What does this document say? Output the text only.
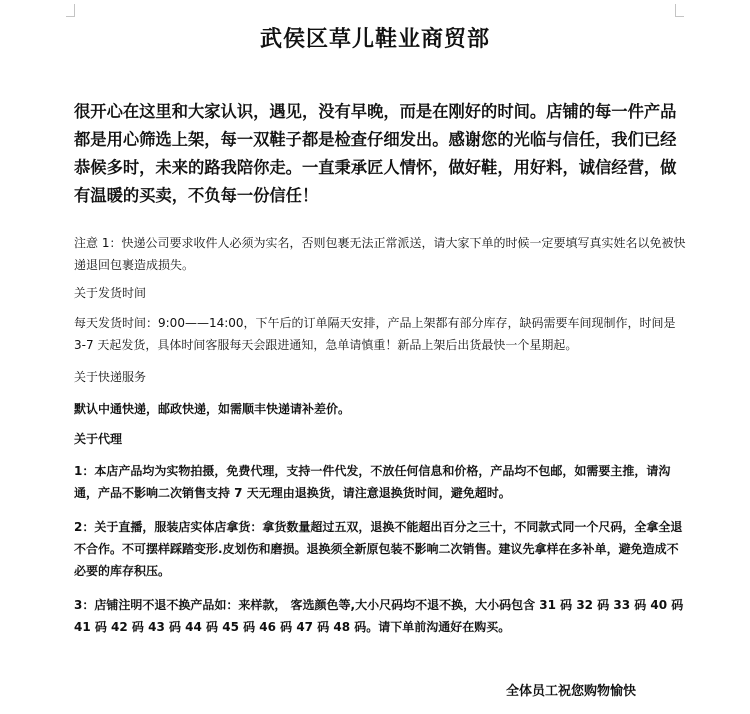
武侯区草儿鞋业商贸部
很开心在这里和大家认识，遇见，没有早晚，而是在刚好的时间。店铺的每一件产品都是用心筛选上架，每一双鞋子都是检查仔细发出。感谢您的光临与信任，我们已经恭候多时，未来的路我陪你走。一直秉承匠人情怀，做好鞋，用好料，诚信经营，做有温暖的买卖，不负每一份信任！
注意 1：快递公司要求收件人必须为实名，否则包裹无法正常派送，请大家下单的时候一定要填写真实姓名以免被快递退回包裹造成损失。
关于发货时间
每天发货时间：9:00——14:00，下午后的订单隔天安排，产品上架都有部分库存，缺码需要车间现制作，时间是 3-7 天起发货，具体时间客服每天会跟进通知，急单请慎重！新品上架后出货最快一个星期起。
关于快递服务
默认中通快递，邮政快递，如需顺丰快递请补差价。
关于代理
1：本店产品均为实物拍摄，免费代理，支持一件代发，不放任何信息和价格，产品均不包邮，如需要主推，请沟通，产品不影响二次销售支持 7 天无理由退换货，请注意退换货时间，避免超时。
2：关于直播，服装店实体店拿货：拿货数量超过五双，退换不能超出百分之三十，不同款式同一个尺码，全拿全退不合作。不可摆样踩踏变形.皮划伤和磨损。退换须全新原包装不影响二次销售。建议先拿样在多补单，避免造成不必要的库存积压。
3：店铺注明不退不换产品如：来样款， 客选颜色等,大小尺码均不退不换，大小码包含 31 码 32 码 33 码 40 码 41 码 42 码 43 码 44 码 45 码 46 码 47 码 48 码。请下单前沟通好在购买。
全体员工祝您购物愉快
